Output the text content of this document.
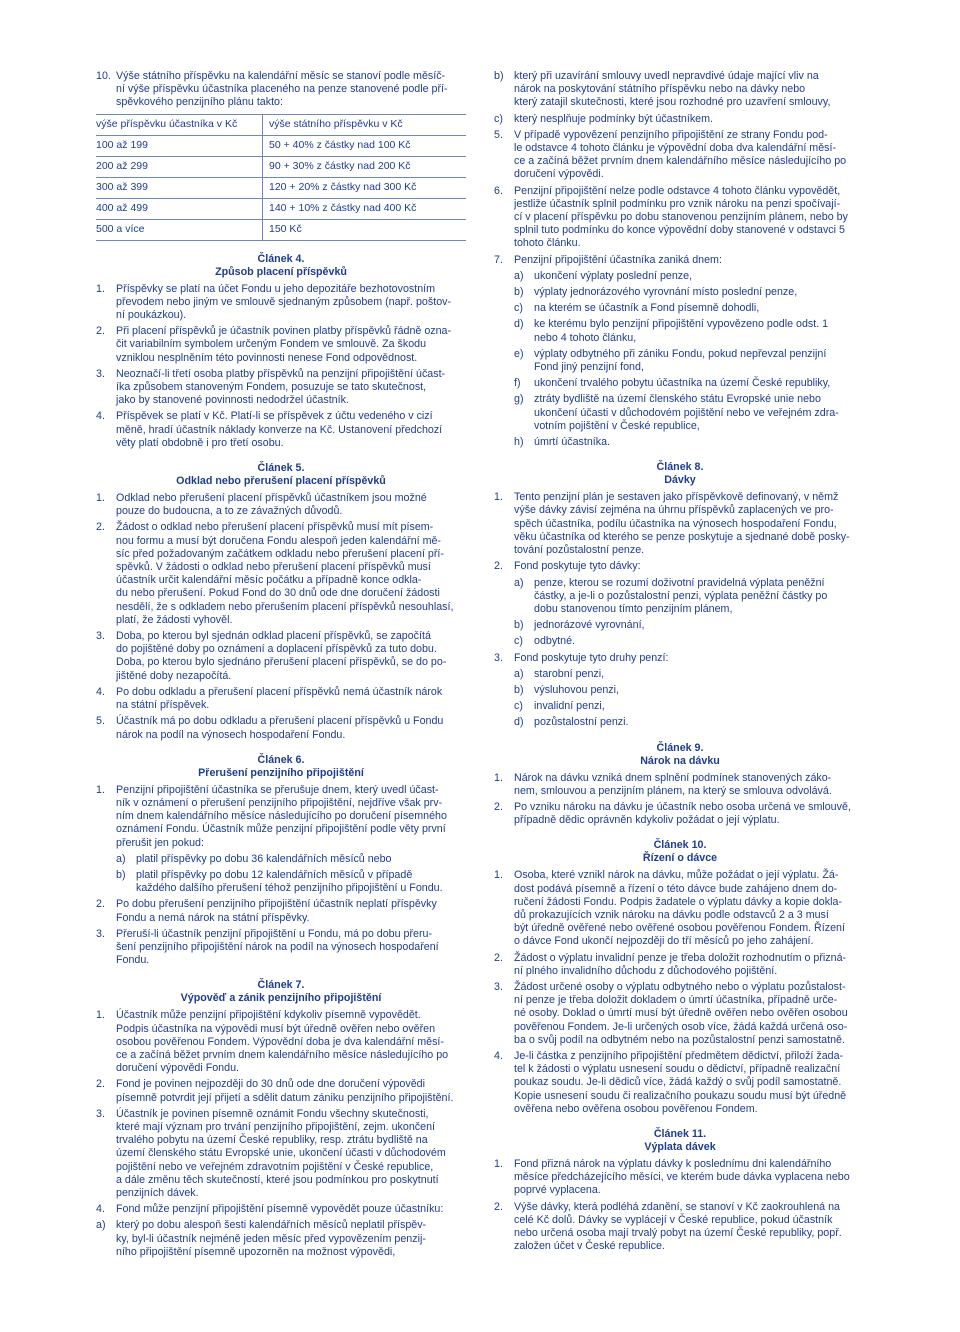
10. Výše státního příspěvku na kalendářní měsíc se stanoví podle měsíč-
ní výše příspěvku účastníka placeného na penze stanovené podle pří-
spěvkového penzijního plánu takto:
výše příspěvku účastníka v Kč	výše státního příspěvku v Kč
100 až 199	50 + 40% z částky nad 100 Kč
200 až 299	90 + 30% z částky nad 200 Kč
300 až 399	120 + 20% z částky nad 300 Kč
400 až 499	140 + 10% z částky nad 400 Kč
500 a více	150 Kč
Článek 4.
Způsob placení příspěvků
1.	Příspěvky se platí na účet Fondu u jeho depozitáře bezhotovostním
převodem nebo jiným ve smlouvě sjednaným způsobem (např. poštov-
ní poukázkou).
2.	Při placení příspěvků je účastník povinen platby příspěvků řádně ozna-
čit variabilním symbolem určeným Fondem ve smlouvě. Za škodu
vzniklou nesplněním této povinnosti nenese Fond odpovědnost.
3.	Neoznačí-li třetí osoba platby příspěvků na penzijní připojištění účast-
íka způsobem stanoveným Fondem, posuzuje se tato skutečnost,
jako by stanovené povinnosti nedodržel účastník.
4.	Příspěvek se platí v Kč. Platí-li se příspěvek z účtu vedeného v cizí
měně, hradí účastník náklady konverze na Kč. Ustanovení předchozí
věty platí obdobně i pro třetí osobu.
Článek 5.
Odklad nebo přerušení placení příspěvků
1.	Odklad nebo přerušení placení příspěvků účastníkem jsou možné
pouze do budoucna, a to ze závažných důvodů.
2.	Žádost o odklad nebo přerušení placení příspěvků musí mít písem-
nou formu a musí být doručena Fondu alespoň jeden kalendářní mě-
síc před požadovaným začátkem odkladu nebo přerušení placení pří-
spěvků. V žádosti o odklad nebo přerušení placení příspěvků musí
účastník určit kalendářní měsíc počátku a případně konce odkla-
du nebo přerušení. Pokud Fond do 30 dnů ode dne doručení žádosti
nesdělí, že s odkladem nebo přerušením placení příspěvků nesouhlasí,
platí, že žádosti vyhověl.
3.	Doba, po kterou byl sjednán odklad placení příspěvků, se započítá
do pojištěné doby po oznámení a doplacení příspěvků za tuto dobu.
Doba, po kterou bylo sjednáno přerušení placení příspěvků, se do po-
jištěné doby nezapočítá.
4.	Po dobu odkladu a přerušení placení příspěvků nemá účastník nárok
na státní příspěvek.
5.	Účastník má po dobu odkladu a přerušení placení příspěvků u Fondu
nárok na podíl na výnosech hospodaření Fondu.
Článek 6.
Přerušení penzijního připojištění
1.	Penzijní připojištění účastníka se přerušuje dnem, který uvedl účast-
ník v oznámení o přerušení penzijního připojištění, nejdříve však prv-
ním dnem kalendářního měsíce následujícího po doručení písemného
oznámení Fondu. Účastník může penzijní připojištění podle věty první
přerušit jen pokud:
a) platil příspěvky po dobu 36 kalendářních měsíců nebo
b) platil příspěvky po dobu 12 kalendářních měsíců v případě
každého dalšího přerušení téhož penzijního připojištění u Fondu.
2.	Po dobu přerušení penzijního připojištění účastník neplatí příspěvky
Fondu a nemá nárok na státní příspěvky.
3.	Přeruší-li účastník penzijní připojištění u Fondu, má po dobu přeru-
šení penzijního připojištění nárok na podíl na výnosech hospodaření
Fondu.
Článek 7.
Výpověď a zánik penzijního připojištění
1.	Účastník může penzijní připojištění kdykoliv písemně vypovědět.
Podpis účastníka na výpovědi musí být úředně ověřen nebo ověřen
osobou pověřenou Fondem. Výpovědní doba je dva kalendářní měsí-
ce a začíná běžet prvním dnem kalendářního měsíce následujícího po
doručení výpovědi Fondu.
2.	Fond je povinen nejpozději do 30 dnů ode dne doručení výpovědi
písemně potvrdit její přijetí a sdělit datum zániku penzijního připojištění.
3.	Účastník je povinen písemně oznámit Fondu všechny skutečnosti,
které mají význam pro trvání penzijního připojištění, zejm. ukončení
trvalého pobytu na území České republiky, resp. ztrátu bydliště na
území členského státu Evropské unie, ukončení účasti v důchodovém
pojištění nebo ve veřejném zdravotním pojištění v České republice,
a dále změnu těch skutečností, které jsou podmínkou pro poskytnutí
penzijních dávek.
4.	Fond může penzijní připojištění písemně vypovědět pouze účastníku:
a) který po dobu alespoň šesti kalendářních měsíců neplatil příspěv-
ky, byl-li účastník nejméně jeden měsíc před vypovězením penzij-
ního připojištění písemně upozorněn na možnost výpovědi,
b) který při uzavírání smlouvy uvedl nepravdivé údaje mající vliv na
nárok na poskytování státního příspěvku nebo na dávky nebo
který zatajil skutečnosti, které jsou rozhodné pro uzavření smlouvy,
c)	který nesplňuje podmínky být účastníkem.
5.	V případě vypovězení penzijního připojištění ze strany Fondu pod-
le odstavce 4 tohoto článku je výpovědní doba dva kalendářní měsí-
ce a začíná běžet prvním dnem kalendářního měsíce následujícího po
doručení výpovědi.
6.	Penzijní připojištění nelze podle odstavce 4 tohoto článku vypovědět,
jestliže účastník splnil podmínku pro vznik nároku na penzi spočívají-
cí v placení příspěvku po dobu stanovenou penzijním plánem, nebo by
splnil tuto podmínku do konce výpovědní doby stanovené v odstavci 5
tohoto článku.
7.	Penzijní připojištění účastníka zaniká dnem:
a) ukončení výplaty poslední penze,
b) výplaty jednorázového vyrovnání místo poslední penze,
c)	na kterém se účastník a Fond písemně dohodli,
d) ke kterému bylo penzijní připojištění vypovězeno podle odst. 1
nebo 4 tohoto článku,
e) výplaty odbytného při zániku Fondu, pokud nepřevzal penzijní
Fond jiný penzijní fond,
f)	ukončení trvalého pobytu účastníka na území České republiky,
g) ztráty bydliště na území členského státu Evropské unie nebo
ukončení účasti v důchodovém pojištění nebo ve veřejném zdra-
votním pojištění v České republice,
h) úmrtí účastníka.
Článek 8.
Dávky
1.	Tento penzijní plán je sestaven jako příspěvkově definovaný, v němž
výše dávky závisí zejména na úhrnu příspěvků zaplacených ve pro-
spěch účastníka, podílu účastníka na výnosech hospodaření Fondu,
věku účastníka od kterého se penze poskytuje a sjednané době posky-
tování pozůstalostní penze.
2.	Fond poskytuje tyto dávky:
a) penze, kterou se rozumí doživotní pravidelná výplata peněžní
částky, a je-li o pozůstalostní penzi, výplata peněžní částky po
dobu stanovenou tímto penzijním plánem,
b) jednorázové vyrovnání,
c)	odbytné.
3.	Fond poskytuje tyto druhy penzí:
a) starobní penzi,
b) výsluhovou penzi,
c)	invalidní penzi,
d) pozůstalostní penzi.
Článek 9.
Nárok na dávku
1.	Nárok na dávku vzniká dnem splnění podmínek stanovených záko-
nem, smlouvou a penzijním plánem, na který se smlouva odvolává.
2.	Po vzniku nároku na dávku je účastník nebo osoba určená ve smlouvě,
případně dědic oprávněn kdykoliv požádat o její výplatu.
Článek 10.
Řízení o dávce
1.	Osoba, které vznikl nárok na dávku, může požádat o její výplatu. Žá-
dost podává písemně a řízení o této dávce bude zahájeno dnem do-
ručení žádosti Fondu. Podpis žadatele o výplatu dávky a kopie dokla-
dů prokazujících vznik nároku na dávku podle odstavců 2 a 3 musí
být úředně ověřené nebo ověřené osobou pověřenou Fondem. Řízení
o dávce Fond ukončí nejpozději do tří měsíců po jeho zahájení.
2.	Žádost o výplatu invalidní penze je třeba doložit rozhodnutím o přizná-
ní plného invalidního důchodu z důchodového pojištění.
3.	Žádost určené osoby o výplatu odbytného nebo o výplatu pozůstalost-
ní penze je třeba doložit dokladem o úmrtí účastníka, případně urče-
né osoby. Doklad o úmrtí musí být úředně ověřen nebo ověřen osobou
pověřenou Fondem. Je-li určených osob více, žádá každá určená oso-
ba o svůj podíl na odbytném nebo na pozůstalostní penzi samostatně.
4.	Je-li částka z penzijního připojištění předmětem dědictví, přiloží žada-
tel k žádosti o výplatu usnesení soudu o dědictví, případně realizační
poukaz soudu. Je-li dědiců více, žádá každý o svůj podíl samostatně.
Kopie usnesení soudu či realizačního poukazu soudu musí být úředně
ověřena nebo ověřena osobou pověřenou Fondem.
Článek 11.
Výplata dávek
1.	Fond přizná nárok na výplatu dávky k poslednímu dni kalendářního
měsíce předcházejícího měsíci, ve kterém bude dávka vyplacena nebo
poprvé vyplacena.
2.	Výše dávky, která podléhá zdanění, se stanoví v Kč zaokrouhlená na
celé Kč dolů. Dávky se vyplácejí v České republice, pokud účastník
nebo určená osoba mají trvalý pobyt na území České republiky, popř.
založen účet v České republice.
